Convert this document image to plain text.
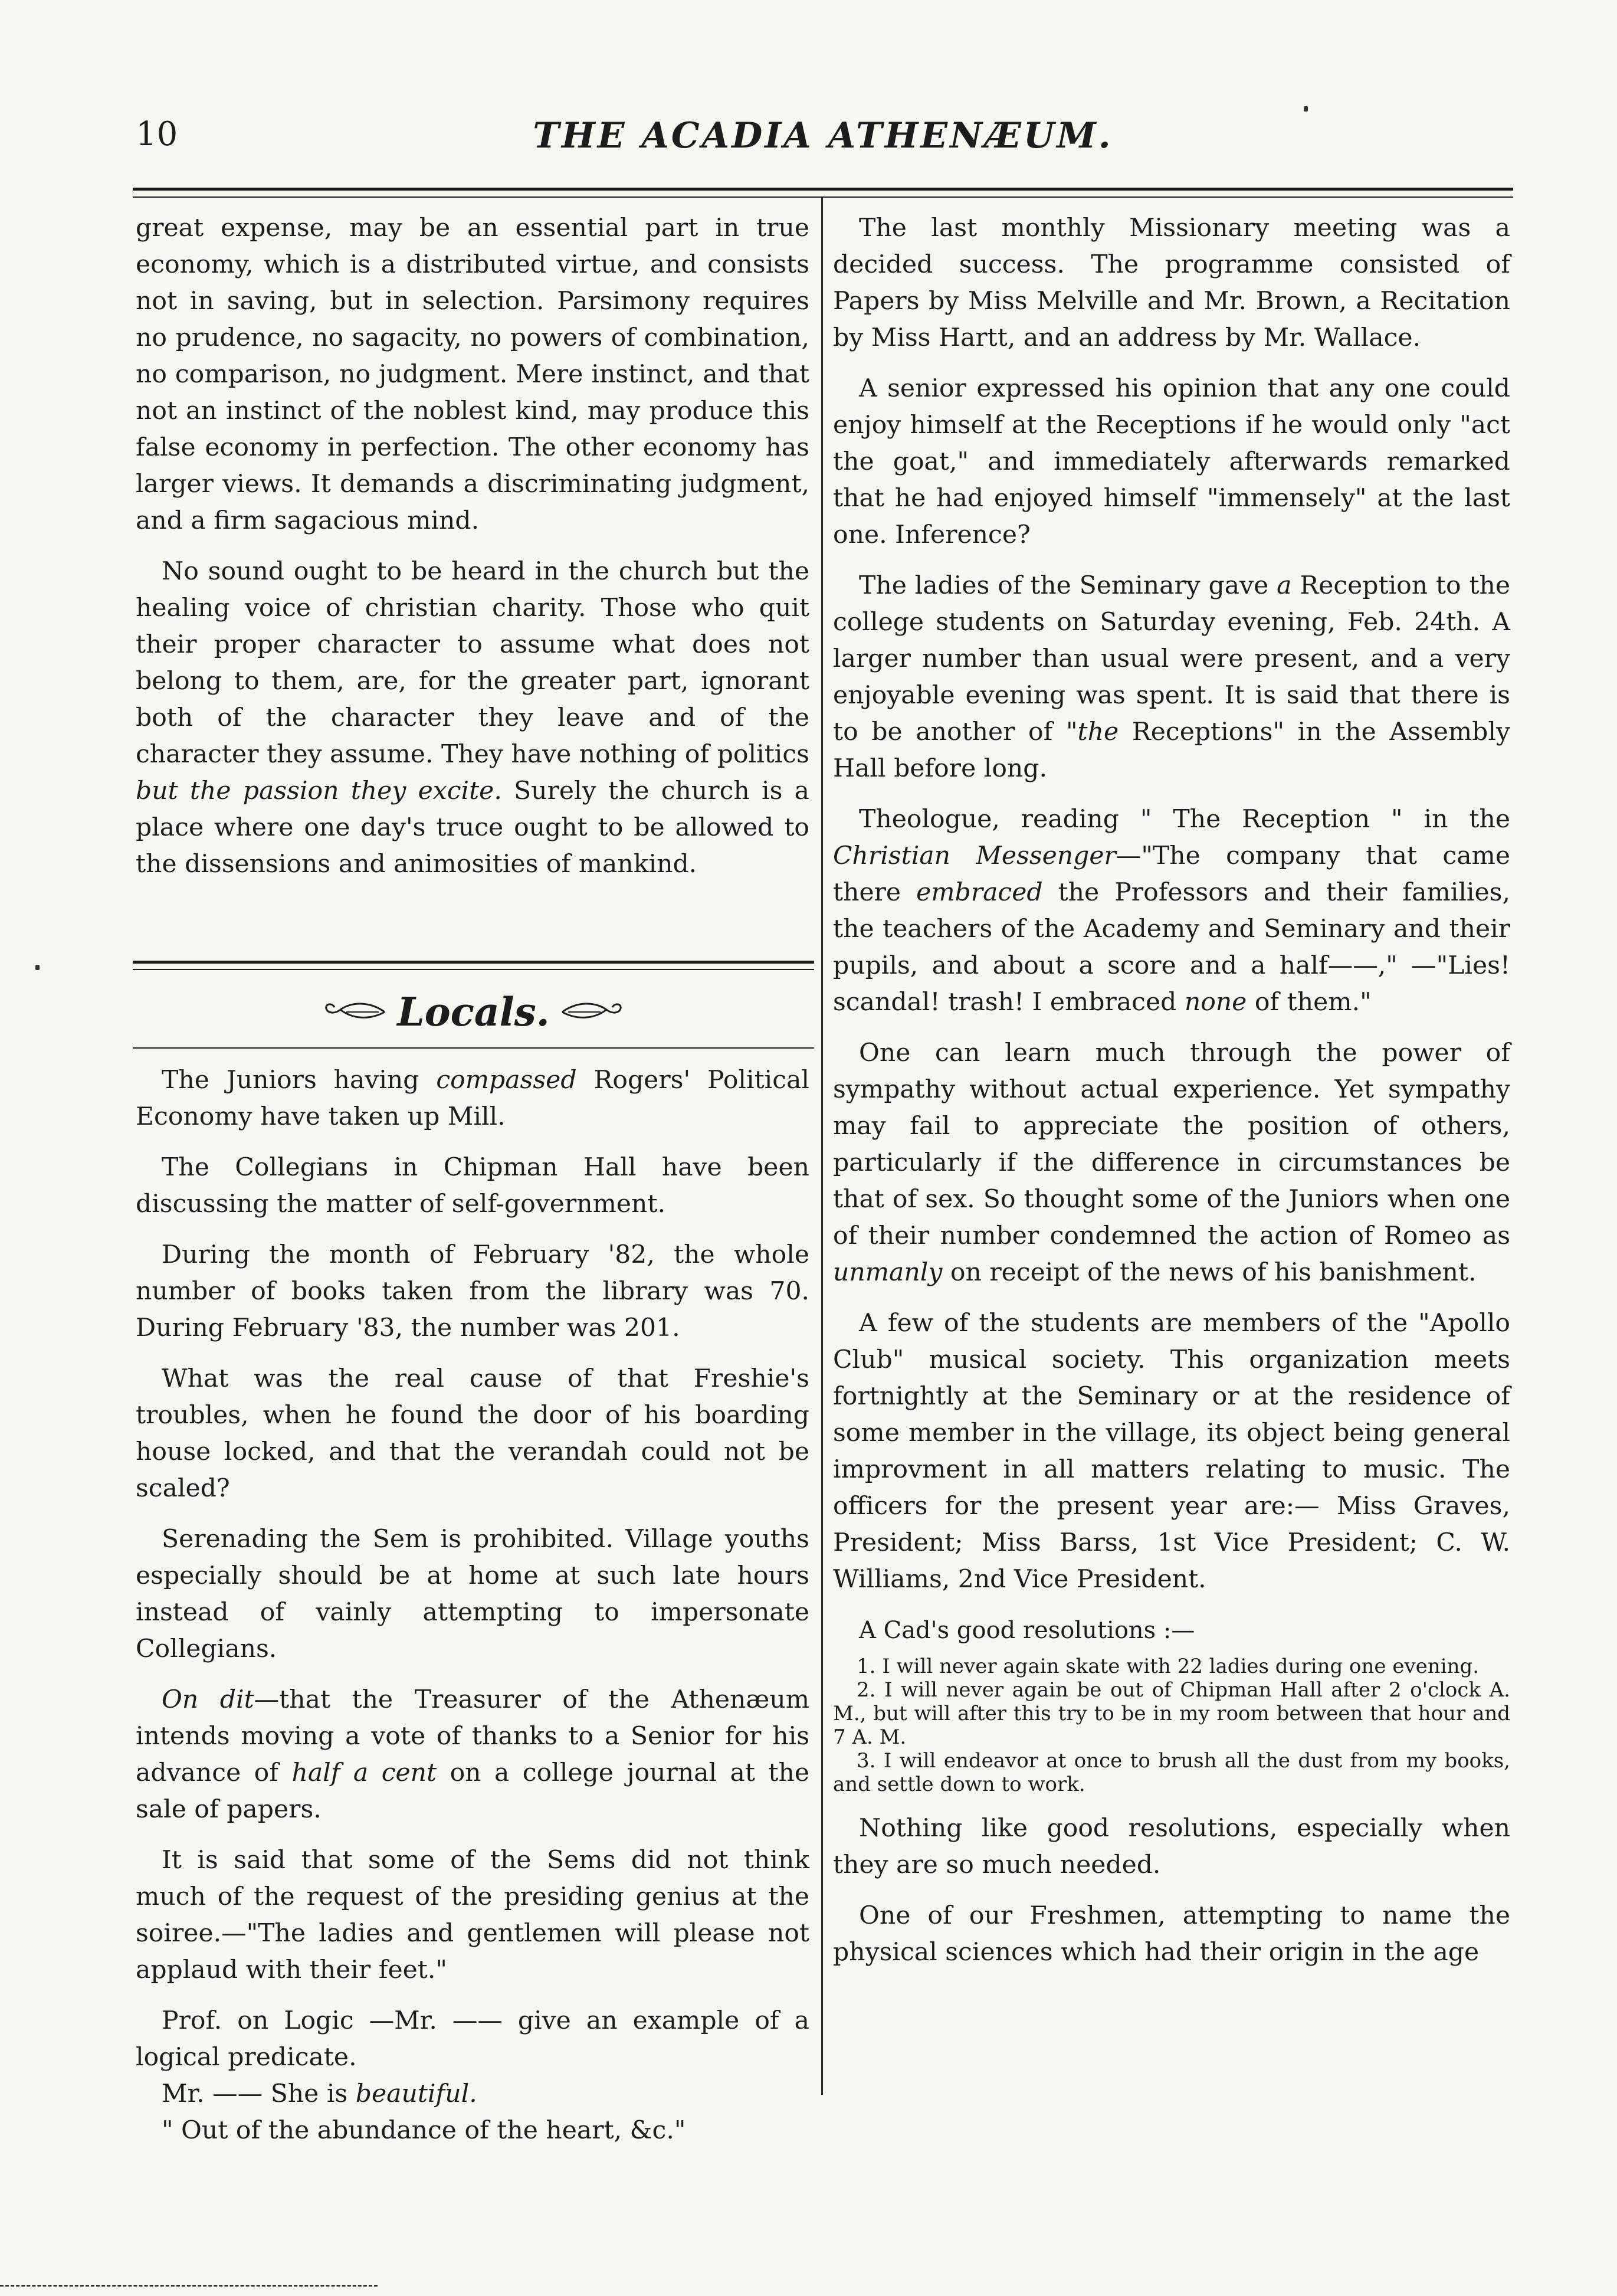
10	THE ACADIA ATHENÆUM.

great expense, may be an essential part in true economy, which is a distributed virtue, and consists not in saving, but in selection. Parsimony requires no prudence, no sagacity, no powers of combination, no comparison, no judgment. Mere instinct, and that not an instinct of the noblest kind, may produce this false economy in perfection. The other economy has larger views. It demands a discriminating judgment, and a firm sagacious mind.

No sound ought to be heard in the church but the healing voice of christian charity. Those who quit their proper character to assume what does not belong to them, are, for the greater part, ignorant both of the character they leave and of the character they assume. They have nothing of politics but the passion they excite. Surely the church is a place where one day's truce ought to be allowed to the dissensions and animosities of mankind.

Locals.

The Juniors having compassed Rogers' Political Economy have taken up Mill.

The Collegians in Chipman Hall have been discussing the matter of self-government.

During the month of February '82, the whole number of books taken from the library was 70. During February '83, the number was 201.

What was the real cause of that Freshie's troubles, when he found the door of his boarding house locked, and that the verandah could not be scaled?

Serenading the Sem is prohibited. Village youths especially should be at home at such late hours instead of vainly attempting to impersonate Collegians.

On dit—that the Treasurer of the Athenæum intends moving a vote of thanks to a Senior for his advance of half a cent on a college journal at the sale of papers.

It is said that some of the Sems did not think much of the request of the presiding genius at the soiree.—"The ladies and gentlemen will please not applaud with their feet."

Prof. on Logic —Mr. —— give an example of a logical predicate.

Mr. —— She is beautiful.

" Out of the abundance of the heart, &c."

The last monthly Missionary meeting was a decided success. The programme consisted of Papers by Miss Melville and Mr. Brown, a Recitation by Miss Hartt, and an address by Mr. Wallace.

A senior expressed his opinion that any one could enjoy himself at the Receptions if he would only "act the goat," and immediately afterwards remarked that he had enjoyed himself "immensely" at the last one. Inference?

The ladies of the Seminary gave a Reception to the college students on Saturday evening, Feb. 24th. A larger number than usual were present, and a very enjoyable evening was spent. It is said that there is to be another of "the Receptions" in the Assembly Hall before long.

Theologue, reading " The Reception " in the Christian Messenger—"The company that came there embraced the Professors and their families, the teachers of the Academy and Seminary and their pupils, and about a score and a half——," —"Lies! scandal! trash! I embraced none of them."

One can learn much through the power of sympathy without actual experience. Yet sympathy may fail to appreciate the position of others, particularly if the difference in circumstances be that of sex. So thought some of the Juniors when one of their number condemned the action of Romeo as unmanly on receipt of the news of his banishment.

A few of the students are members of the "Apollo Club" musical society. This organization meets fortnightly at the Seminary or at the residence of some member in the village, its object being general improvment in all matters relating to music. The officers for the present year are:— Miss Graves, President; Miss Barss, 1st Vice President; C. W. Williams, 2nd Vice President.

A Cad's good resolutions :—

1. I will never again skate with 22 ladies during one evening.

2. I will never again be out of Chipman Hall after 2 o'clock A. M., but will after this try to be in my room between that hour and 7 A. M.

3. I will endeavor at once to brush all the dust from my books, and settle down to work.

Nothing like good resolutions, especially when they are so much needed.

One of our Freshmen, attempting to name the physical sciences which had their origin in the age
